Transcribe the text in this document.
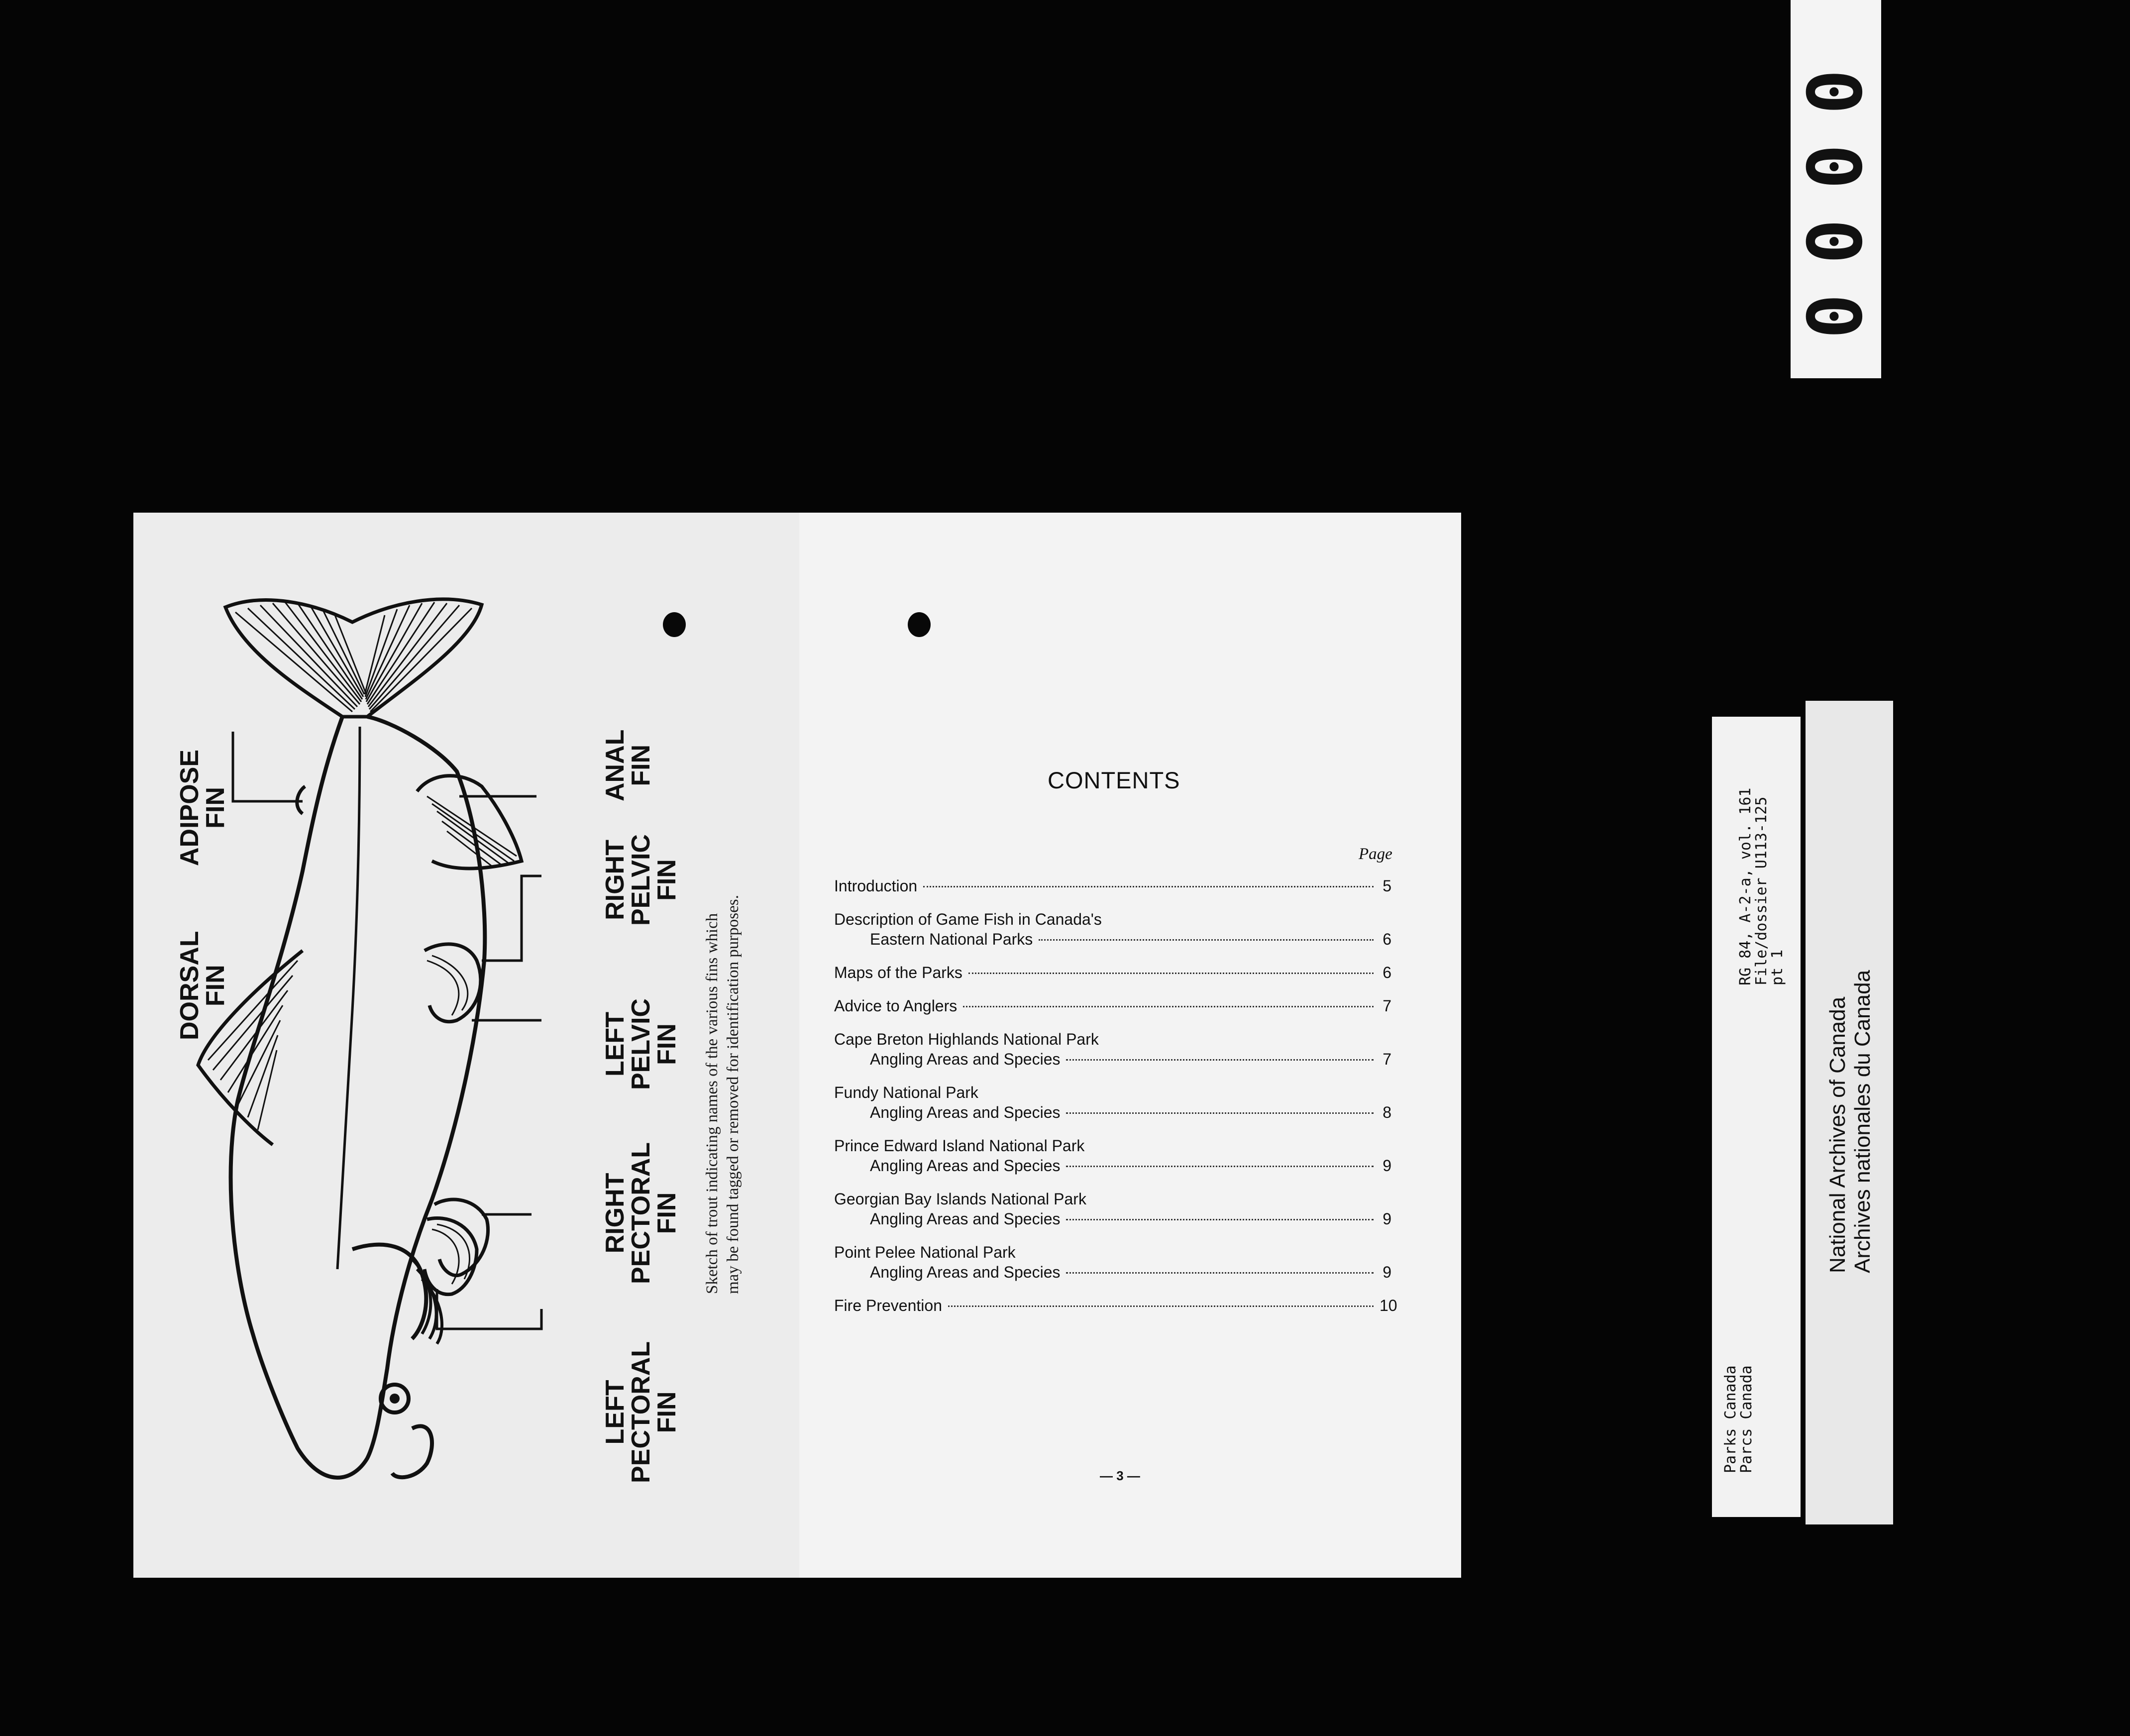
0000
DORSAL
FIN
ADIPOSE
FIN
ANAL
FIN
RIGHT
PELVIC
FIN
LEFT
PELVIC
FIN
RIGHT
PECTORAL
FIN
LEFT
PECTORAL
FIN
Sketch of trout indicating names of the various fins which may be found tagged or removed for identification purposes.
CONTENTS
Page
Introduction	5
Description of Game Fish in Canada's
Eastern National Parks	6
Maps of the Parks	6
Advice to Anglers	7
Cape Breton Highlands National Park
Angling Areas and Species	7
Fundy National Park
Angling Areas and Species	8
Prince Edward Island National Park
Angling Areas and Species	9
Georgian Bay Islands National Park
Angling Areas and Species	9
Point Pelee National Park
Angling Areas and Species	9
Fire Prevention	10
— 3 —
Parks Canada
Parcs Canada
RG 84, A-2-a, vol. 161
File/dossier U113-125
pt 1
National Archives of Canada Archives nationales du Canada
